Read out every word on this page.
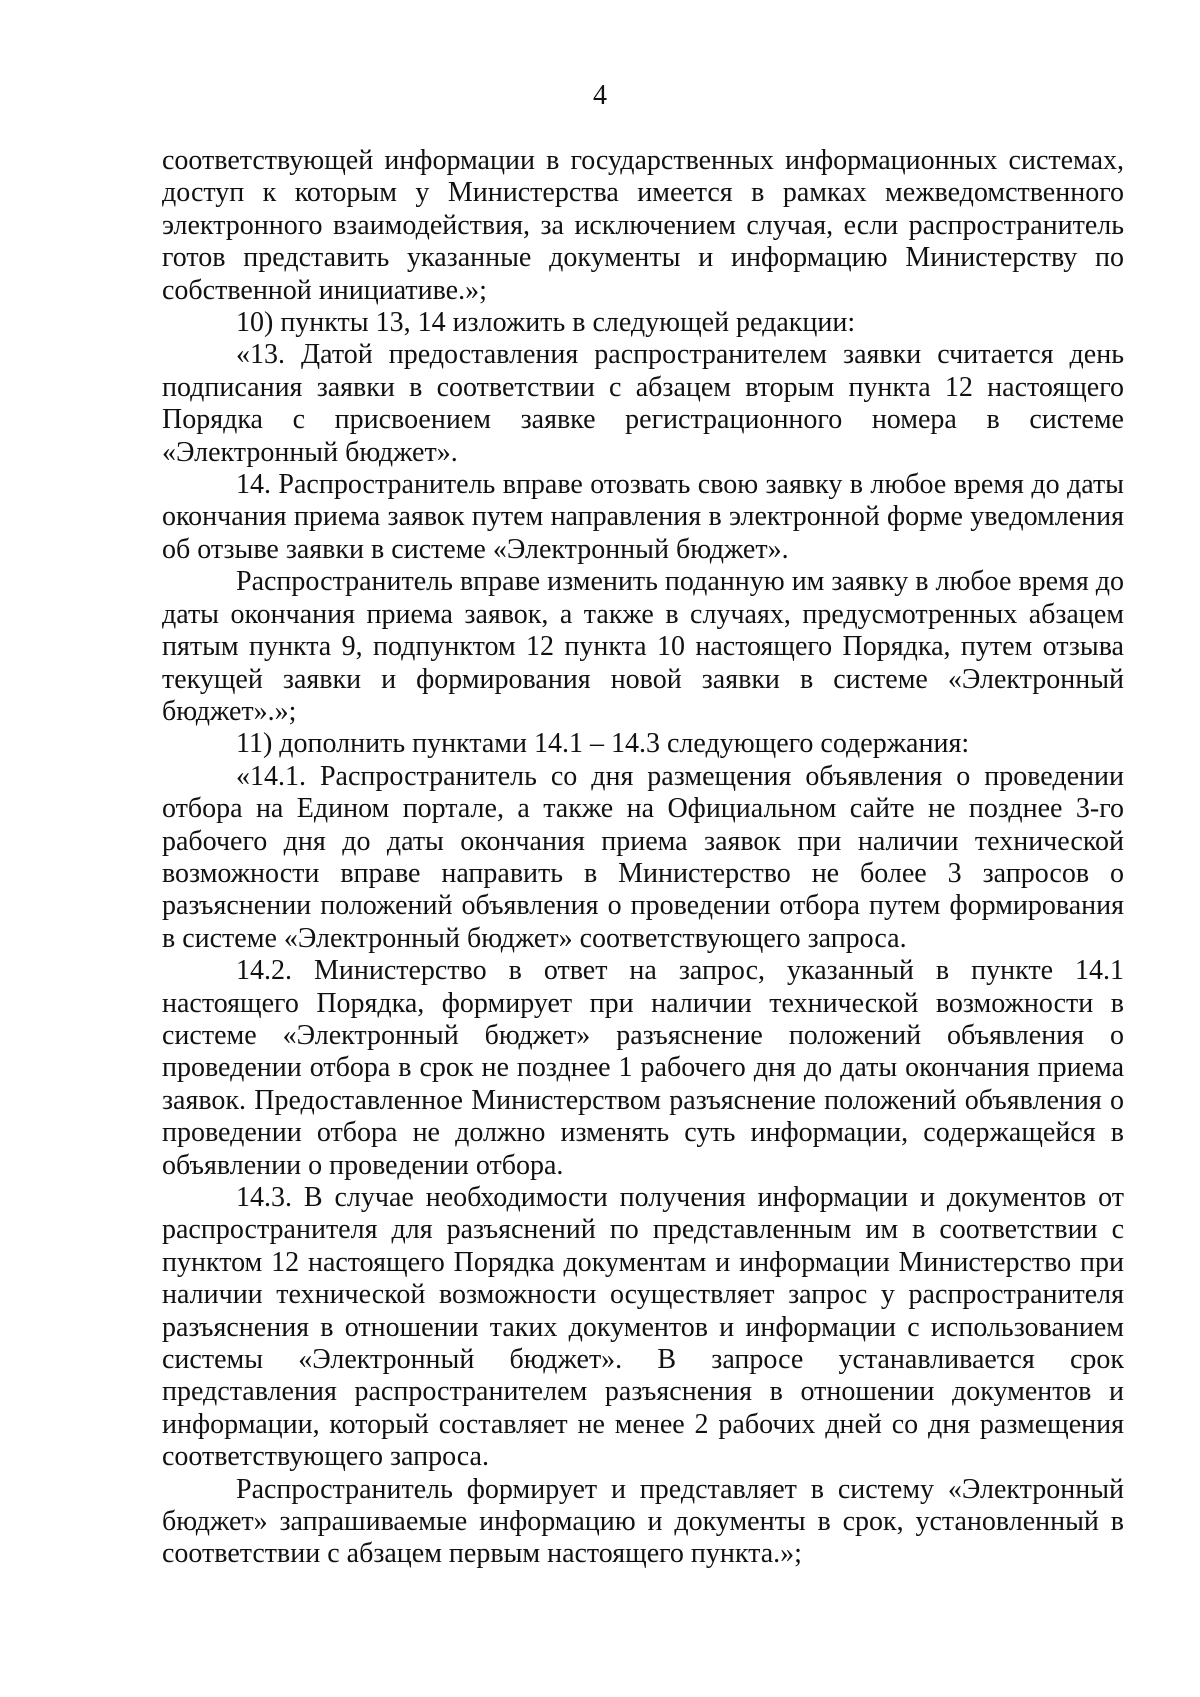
4

соответствующей информации в государственных информационных системах, доступ к которым у Министерства имеется в рамках межведомственного электронного взаимодействия, за исключением случая, если распространитель готов представить указанные документы и информацию Министерству по собственной инициативе.»;

10) пункты 13, 14 изложить в следующей редакции:

«13. Датой предоставления распространителем заявки считается день подписания заявки в соответствии с абзацем вторым пункта 12 настоящего Порядка с присвоением заявке регистрационного номера в системе «Электронный бюджет».

14. Распространитель вправе отозвать свою заявку в любое время до даты окончания приема заявок путем направления в электронной форме уведомления об отзыве заявки в системе «Электронный бюджет».

Распространитель вправе изменить поданную им заявку в любое время до даты окончания приема заявок, а также в случаях, предусмотренных абзацем пятым пункта 9, подпунктом 12 пункта 10 настоящего Порядка, путем отзыва текущей заявки и формирования новой заявки в системе «Электронный бюджет».»;

11) дополнить пунктами 14.1 – 14.3 следующего содержания:

«14.1. Распространитель со дня размещения объявления о проведении отбора на Едином портале, а также на Официальном сайте не позднее 3-го рабочего дня до даты окончания приема заявок при наличии технической возможности вправе направить в Министерство не более 3 запросов о разъяснении положений объявления о проведении отбора путем формирования в системе «Электронный бюджет» соответствующего запроса.

14.2. Министерство в ответ на запрос, указанный в пункте 14.1 настоящего Порядка, формирует при наличии технической возможности в системе «Электронный бюджет» разъяснение положений объявления о проведении отбора в срок не позднее 1 рабочего дня до даты окончания приема заявок. Предоставленное Министерством разъяснение положений объявления о проведении отбора не должно изменять суть информации, содержащейся в объявлении о проведении отбора.

14.3. В случае необходимости получения информации и документов от распространителя для разъяснений по представленным им в соответствии с пунктом 12 настоящего Порядка документам и информации Министерство при наличии технической возможности осуществляет запрос у распространителя разъяснения в отношении таких документов и информации с использованием системы «Электронный бюджет». В запросе устанавливается срок представления распространителем разъяснения в отношении документов и информации, который составляет не менее 2 рабочих дней со дня размещения соответствующего запроса.

Распространитель формирует и представляет в систему «Электронный бюджет» запрашиваемые информацию и документы в срок, установленный в соответствии с абзацем первым настоящего пункта.»;
